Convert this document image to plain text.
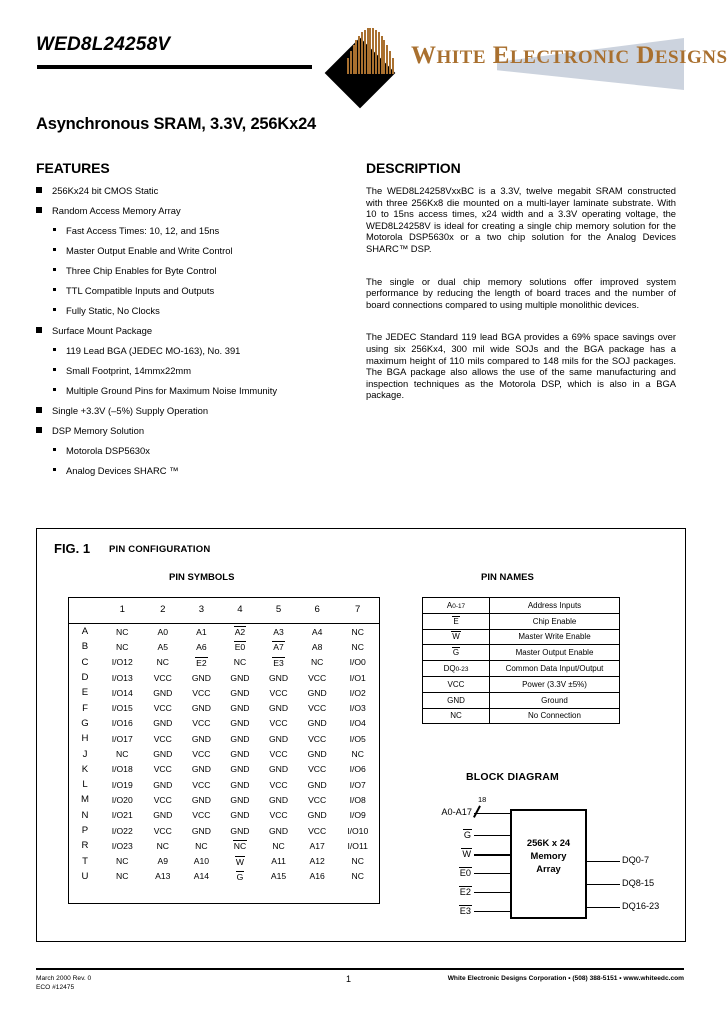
WED8L24258V	WHITE ELECTRONIC DESIGNS
Asynchronous SRAM, 3.3V, 256Kx24
FEATURES
256Kx24 bit CMOS Static
Random Access Memory Array
Fast Access Times: 10, 12, and 15ns
Master Output Enable and Write Control
Three Chip Enables for Byte Control
TTL Compatible Inputs and Outputs
Fully Static, No Clocks
Surface Mount Package
119 Lead BGA (JEDEC MO-163), No. 391
Small Footprint, 14mmx22mm
Multiple Ground Pins for Maximum Noise Immunity
Single +3.3V (–5%) Supply Operation
DSP Memory Solution
Motorola DSP5630x
Analog Devices SHARC ™
DESCRIPTION

The WED8L24258VxxBC is a 3.3V, twelve megabit SRAM constructed with three 256Kx8 die mounted on a multi-layer laminate substrate. With 10 to 15ns access times, x24 width and a 3.3V operating voltage, the WED8L24258V is ideal for creating a single chip memory solution for the Motorola DSP5630x or a two chip solution for the Analog Devices SHARC™ DSP.

The single or dual chip memory solutions offer improved system performance by reducing the length of board traces and the number of board connections compared to using multiple monolithic devices.

The JEDEC Standard 119 lead BGA provides a 69% space savings over using six 256Kx4, 300 mil wide SOJs and the BGA package has a maximum height of 110 mils compared to 148 mils for the SOJ packages. The BGA package also allows the use of the same manufacturing and inspection techniques as the Motorola DSP, which is also in a BGA package.

FIG. 1 PIN CONFIGURATION
PIN SYMBOLS	PIN NAMES
	1	2	3	4	5	6	7

A	NC	A0	A1	A2	A3	A4	NC
B	NC	A5	A6	E0	A7	A8	NC
C	I/O12	NC	E2	NC	E3	NC	I/O0
D	I/O13	VCC	GND	GND	GND	VCC	I/O1
E	I/O14	GND	VCC	GND	VCC	GND	I/O2
F	I/O15	VCC	GND	GND	GND	VCC	I/O3
G	I/O16	GND	VCC	GND	VCC	GND	I/O4
H	I/O17	VCC	GND	GND	GND	VCC	I/O5
J	NC	GND	VCC	GND	VCC	GND	NC
K	I/O18	VCC	GND	GND	GND	VCC	I/O6
L	I/O19	GND	VCC	GND	VCC	GND	I/O7
M	I/O20	VCC	GND	GND	GND	VCC	I/O8
N	I/O21	GND	VCC	GND	VCC	GND	I/O9
P	I/O22	VCC	GND	GND	GND	VCC	I/O10
R	I/O23	NC	NC	NC	NC	A17	I/O11
T	NC	A9	A10	W	A11	A12	NC
U	NC	A13	A14	G	A15	A16	NC
A0-17	Address Inputs
E	Chip Enable
W	Master Write Enable
G	Master Output Enable
DQ0-23	Common Data Input/Output
VCC	Power (3.3V ±5%)
GND	Ground
NC	No Connection
BLOCK DIAGRAM
256K x 24
Memory
Array
18
A0-A17
G
W
E0
E2
E3
DQ0-7
DQ8-15
DQ16-23
March 2000 Rev. 0
ECO #12475
1	White Electronic Designs Corporation • (508) 388-5151 • www.whiteedc.com
